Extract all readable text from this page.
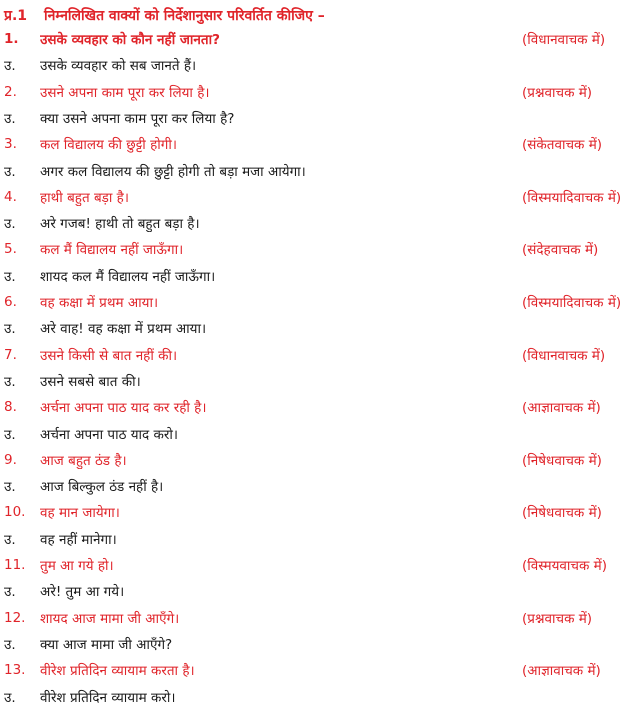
प्र.1	निम्नलिखित वाक्यों को निर्देशानुसार परिवर्तित कीजिए –
1.	उसके व्यवहार को कौन नहीं जानता?	(विधानवाचक में)
उ.	उसके व्यवहार को सब जानते हैं।
2.	उसने अपना काम पूरा कर लिया है।	(प्रश्नवाचक में)
उ.	क्या उसने अपना काम पूरा कर लिया है?
3.	कल विद्यालय की छुट्टी होगी।	(संकेतवाचक में)
उ.	अगर कल विद्यालय की छुट्टी होगी तो बड़ा मजा आयेगा।
4.	हाथी बहुत बड़ा है।	(विस्मयादिवाचक में)
उ.	अरे गजब! हाथी तो बहुत बड़ा है।
5.	कल मैं विद्यालय नहीं जाऊँगा।	(संदेहवाचक में)
उ.	शायद कल मैं विद्यालय नहीं जाऊँगा।
6.	वह कक्षा में प्रथम आया।	(विस्मयादिवाचक में)
उ.	अरे वाह! वह कक्षा में प्रथम आया।
7.	उसने किसी से बात नहीं की।	(विधानवाचक में)
उ.	उसने सबसे बात की।
8.	अर्चना अपना पाठ याद कर रही है।	(आज्ञावाचक में)
उ.	अर्चना अपना पाठ याद करो।
9.	आज बहुत ठंड है।	(निषेधवाचक में)
उ.	आज बिल्कुल ठंड नहीं है।
10.	वह मान जायेगा।	(निषेधवाचक में)
उ.	वह नहीं मानेगा।
11.	तुम आ गये हो।	(विस्मयवाचक में)
उ.	अरे! तुम आ गये।
12.	शायद आज मामा जी आएँगे।	(प्रश्नवाचक में)
उ.	क्या आज मामा जी आएँगे?
13.	वीरेश प्रतिदिन व्यायाम करता है।	(आज्ञावाचक में)
उ.	वीरेश प्रतिदिन व्यायाम करो।
